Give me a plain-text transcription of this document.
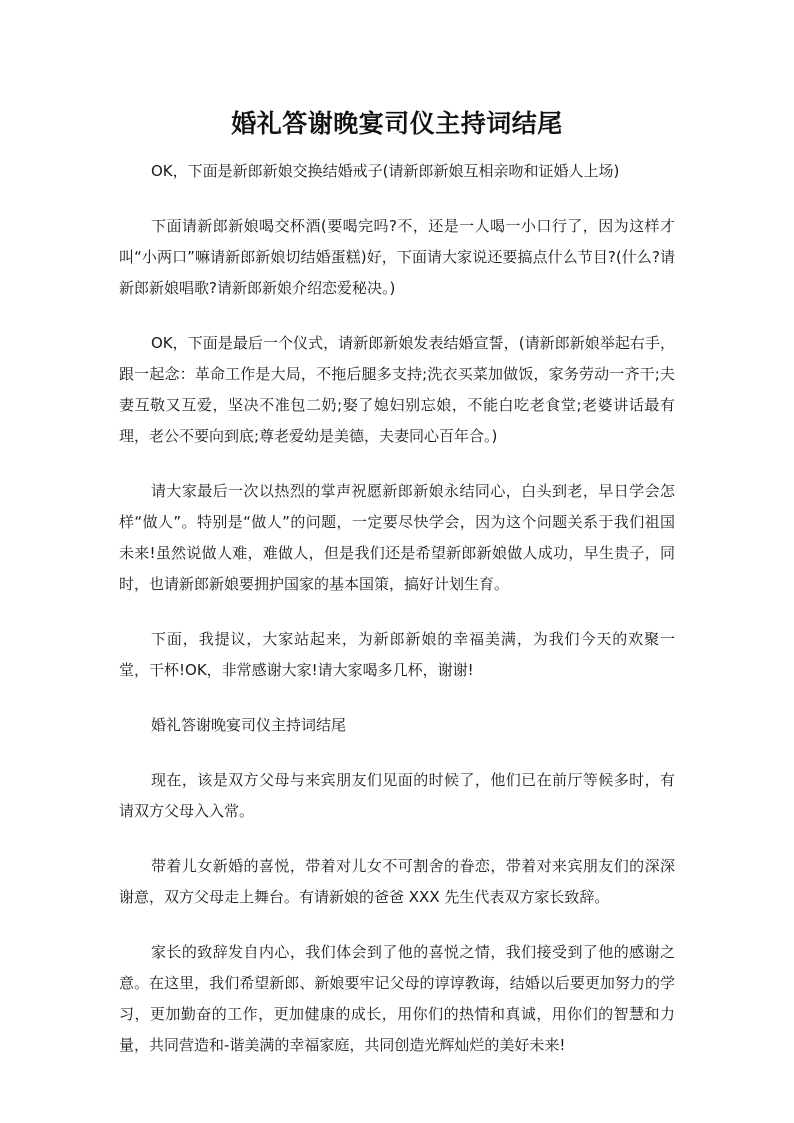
婚礼答谢晚宴司仪主持词结尾

OK，下面是新郎新娘交换结婚戒子(请新郎新娘互相亲吻和证婚人上场)

下面请新郎新娘喝交杯酒(要喝完吗?不，还是一人喝一小口行了，因为这样才叫“小两口”嘛请新郎新娘切结婚蛋糕)好，下面请大家说还要搞点什么节目?(什么?请新郎新娘唱歌?请新郎新娘介绍恋爱秘决。)

OK，下面是最后一个仪式，请新郎新娘发表结婚宣誓，(请新郎新娘举起右手，跟一起念：革命工作是大局，不拖后腿多支持;洗衣买菜加做饭，家务劳动一齐干;夫妻互敬又互爱，坚决不准包二奶;娶了媳妇别忘娘，不能白吃老食堂;老婆讲话最有理，老公不要向到底;尊老爱幼是美德，夫妻同心百年合。)

请大家最后一次以热烈的掌声祝愿新郎新娘永结同心，白头到老，早日学会怎样“做人”。特别是“做人”的问题，一定要尽快学会，因为这个问题关系于我们祖国未来!虽然说做人难，难做人，但是我们还是希望新郎新娘做人成功，早生贵子，同时，也请新郎新娘要拥护国家的基本国策，搞好计划生育。

下面，我提议，大家站起来，为新郎新娘的幸福美满，为我们今天的欢聚一堂，干杯!OK，非常感谢大家!请大家喝多几杯，谢谢!

婚礼答谢晚宴司仪主持词结尾

现在，该是双方父母与来宾朋友们见面的时候了，他们已在前厅等候多时，有请双方父母入入常。

带着儿女新婚的喜悦，带着对儿女不可割舍的眷恋，带着对来宾朋友们的深深谢意，双方父母走上舞台。有请新娘的爸爸 XXX 先生代表双方家长致辞。

家长的致辞发自内心，我们体会到了他的喜悦之情，我们接受到了他的感谢之意。在这里，我们希望新郎、新娘要牢记父母的谆谆教诲，结婚以后要更加努力的学习，更加勤奋的工作，更加健康的成长，用你们的热情和真诚，用你们的智慧和力量，共同营造和-谐美满的幸福家庭，共同创造光辉灿烂的美好未来!
